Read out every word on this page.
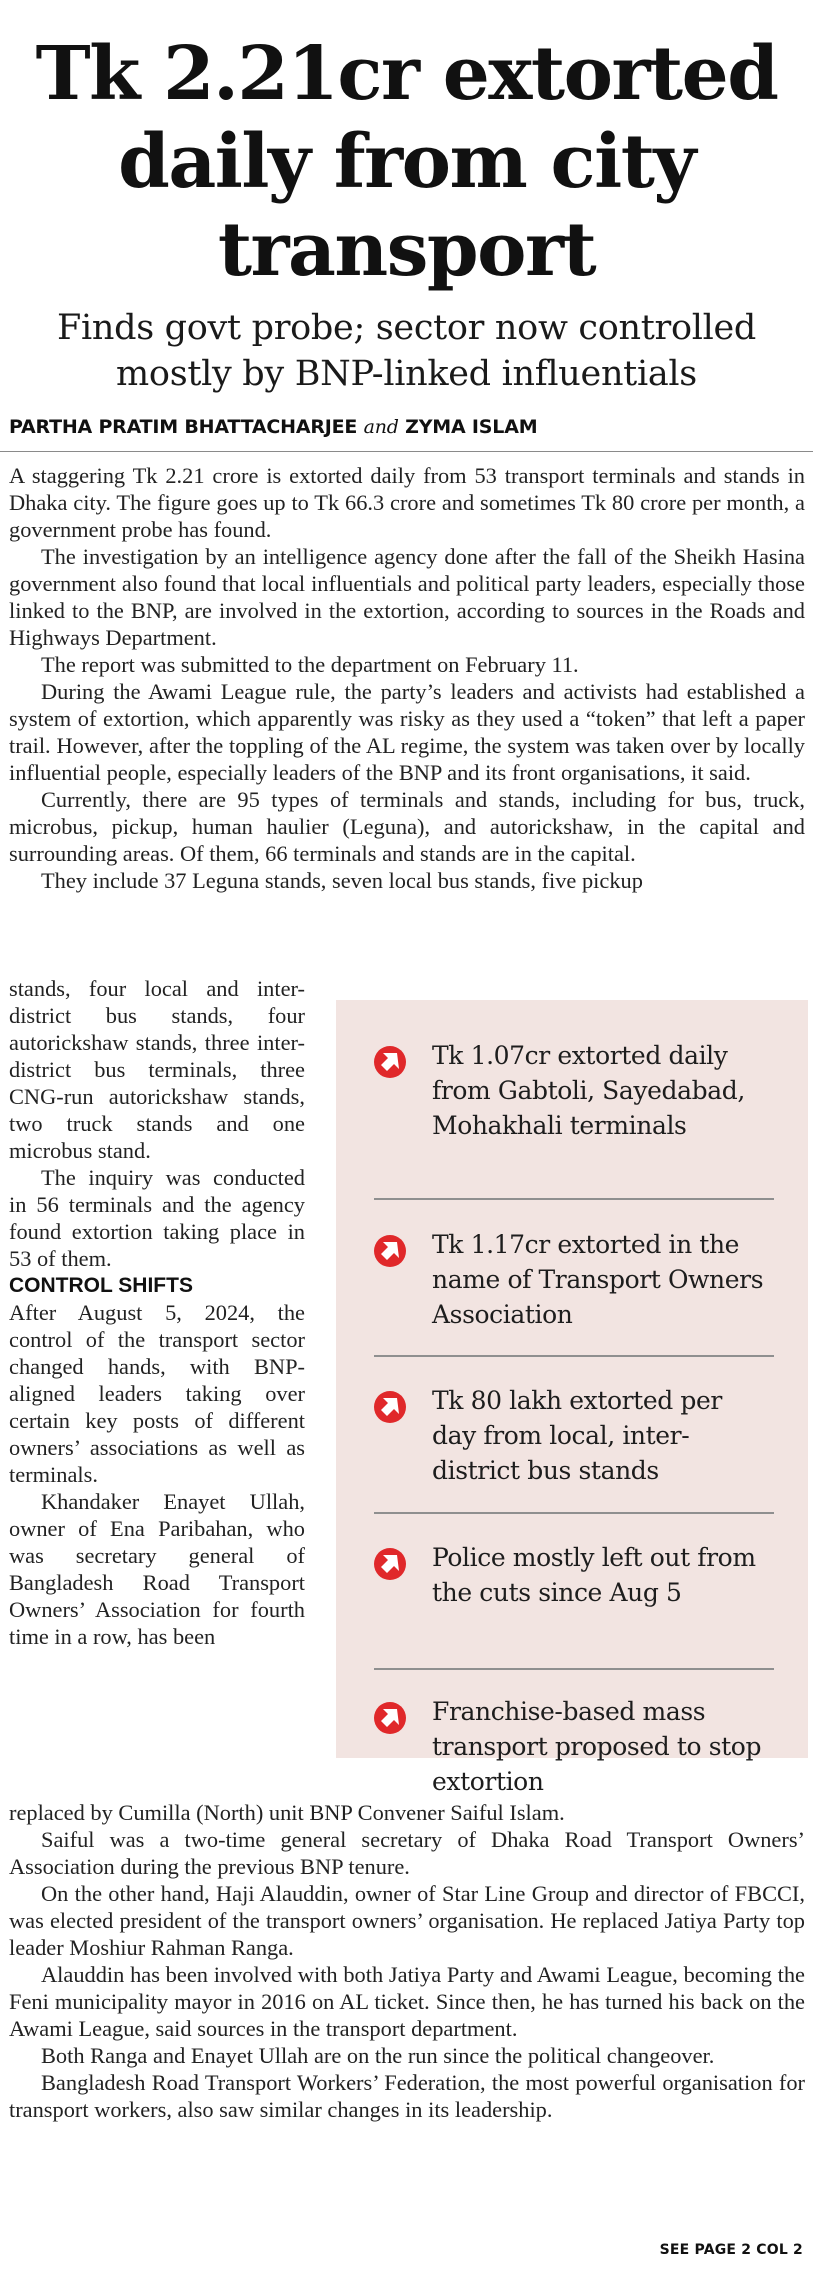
Tk 2.21cr extorted daily from city transport
Finds govt probe; sector now controlled mostly by BNP-linked influentials
PARTHA PRATIM BHATTACHARJEE and ZYMA ISLAM

A staggering Tk 2.21 crore is extorted daily from 53 transport terminals and stands in Dhaka city. The figure goes up to Tk 66.3 crore and sometimes Tk 80 crore per month, a government probe has found.

The investigation by an intelligence agency done after the fall of the Sheikh Hasina government also found that local influentials and political party leaders, especially those linked to the BNP, are involved in the extortion, according to sources in the Roads and Highways Department.

The report was submitted to the department on February 11.

During the Awami League rule, the party’s leaders and activists had established a system of extortion, which apparently was risky as they used a “token” that left a paper trail. However, after the toppling of the AL regime, the system was taken over by locally influential people, especially leaders of the BNP and its front organisations, it said.

Currently, there are 95 types of terminals and stands, including for bus, truck, microbus, pickup, human haulier (Leguna), and autorickshaw, in the capital and surrounding areas. Of them, 66 terminals and stands are in the capital.

They include 37 Leguna stands, seven local bus stands, five pickup

stands, four local and inter-district bus stands, four autorickshaw stands, three inter-district bus terminals, three CNG-run autorickshaw stands, two truck stands and one microbus stand.

The inquiry was conducted in 56 terminals and the agency found extortion taking place in 53 of them.

CONTROL SHIFTS

After August 5, 2024, the control of the transport sector changed hands, with BNP-aligned leaders taking over certain key posts of different owners’ associations as well as terminals.

Khandaker Enayet Ullah, owner of Ena Paribahan, who was secretary general of Bangladesh Road Transport Owners’ Association for fourth time in a row, has been

replaced by Cumilla (North) unit BNP Convener Saiful Islam.

Saiful was a two-time general secretary of Dhaka Road Transport Owners’ Association during the previous BNP tenure.

On the other hand, Haji Alauddin, owner of Star Line Group and director of FBCCI, was elected president of the transport owners’ organisation. He replaced Jatiya Party top leader Moshiur Rahman Ranga.

Alauddin has been involved with both Jatiya Party and Awami League, becoming the Feni municipality mayor in 2016 on AL ticket. Since then, he has turned his back on the Awami League, said sources in the transport department.

Both Ranga and Enayet Ullah are on the run since the political changeover.

Bangladesh Road Transport Workers’ Federation, the most powerful organisation for transport workers, also saw similar changes in its leadership.

Tk 1.07cr extorted daily from Gabtoli, Sayedabad, Mohakhali terminals

Tk 1.17cr extorted in the name of Transport Owners Association

Tk 80 lakh extorted per day from local, inter-district bus stands

Police mostly left out from the cuts since Aug 5

Franchise-based mass transport proposed to stop extortion

SEE PAGE 2 COL 2
